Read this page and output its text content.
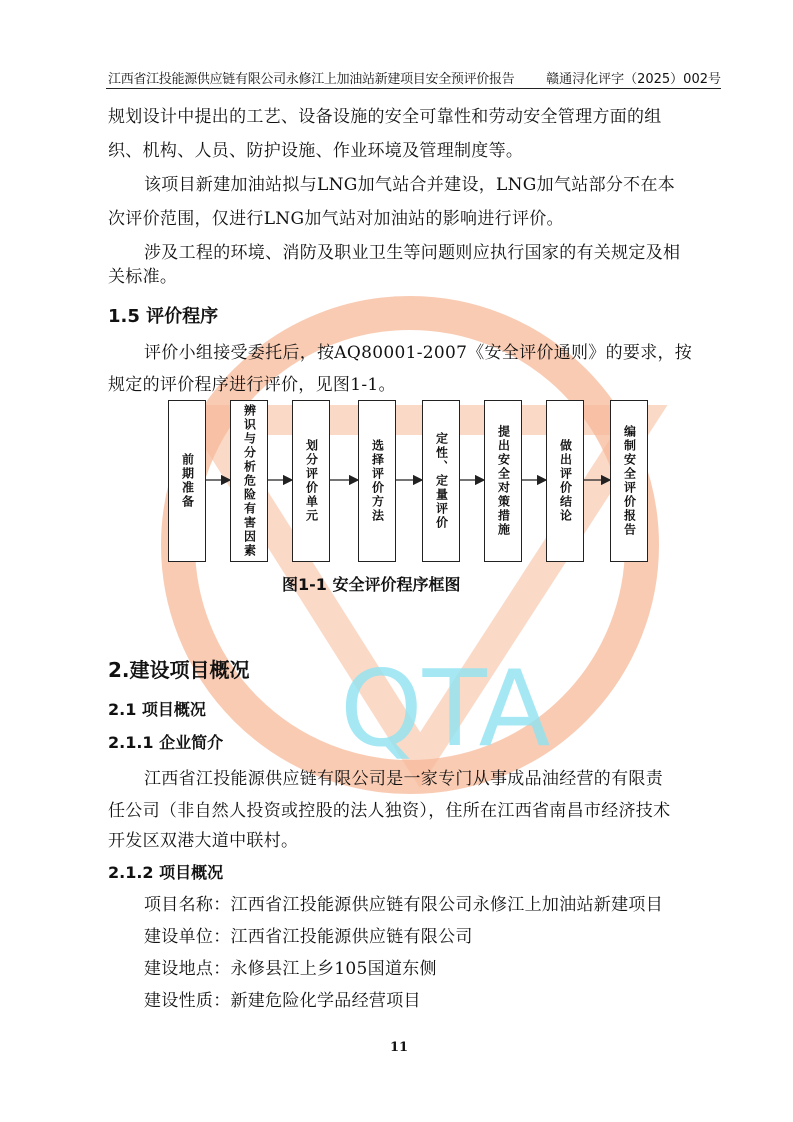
QTA
江西省江投能源供应链有限公司永修江上加油站新建项目安全预评价报告 赣通浔化评字（2025）002号
规划设计中提出的工艺、设备设施的安全可靠性和劳动安全管理方面的组
织、机构、人员、防护设施、作业环境及管理制度等。
该项目新建加油站拟与LNG加气站合并建设，LNG加气站部分不在本
次评价范围，仅进行LNG加气站对加油站的影响进行评价。
涉及工程的环境、消防及职业卫生等问题则应执行国家的有关规定及相
关标准。
1.5 评价程序
评价小组接受委托后，按AQ80001-2007《安全评价通则》的要求，按
规定的评价程序进行评价，见图1-1。
前期准备	辨识与分析危险有害因素	划分评价单元	选择评价方法	定性、定量评价	提出安全对策措施	做出评价结论	编制安全评价报告
图1-1 安全评价程序框图
2.建设项目概况
2.1 项目概况
2.1.1 企业简介
江西省江投能源供应链有限公司是一家专门从事成品油经营的有限责
任公司（非自然人投资或控股的法人独资），住所在江西省南昌市经济技术
开发区双港大道中联村。
2.1.2 项目概况
项目名称：江西省江投能源供应链有限公司永修江上加油站新建项目
建设单位：江西省江投能源供应链有限公司
建设地点：永修县江上乡105国道东侧
建设性质：新建危险化学品经营项目
11
